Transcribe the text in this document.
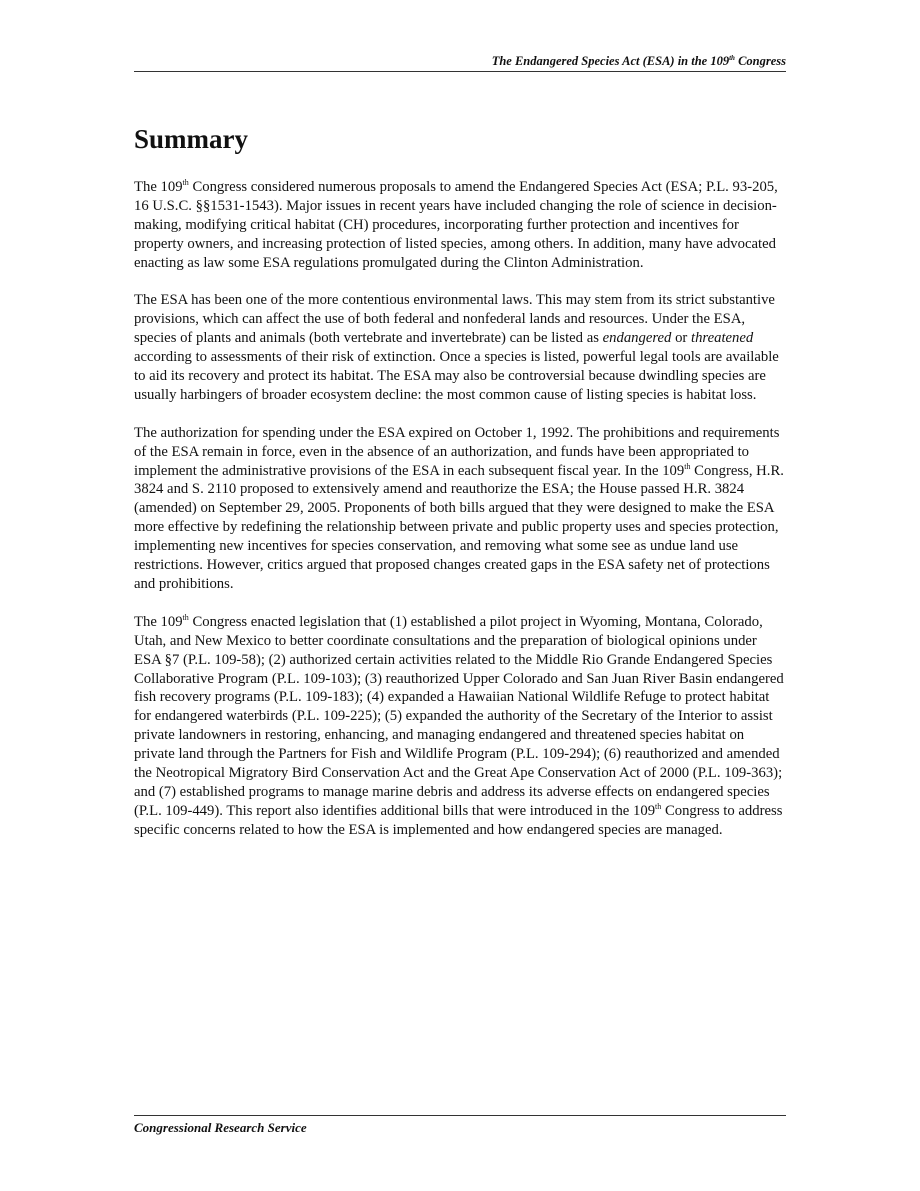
The Endangered Species Act (ESA) in the 109th Congress
Summary

The 109th Congress considered numerous proposals to amend the Endangered Species Act (ESA; P.L. 93-205, 16 U.S.C. §§1531-1543). Major issues in recent years have included changing the role of science in decision-making, modifying critical habitat (CH) procedures, incorporating further protection and incentives for property owners, and increasing protection of listed species, among others. In addition, many have advocated enacting as law some ESA regulations promulgated during the Clinton Administration.

The ESA has been one of the more contentious environmental laws. This may stem from its strict substantive provisions, which can affect the use of both federal and nonfederal lands and resources. Under the ESA, species of plants and animals (both vertebrate and invertebrate) can be listed as endangered or threatened according to assessments of their risk of extinction. Once a species is listed, powerful legal tools are available to aid its recovery and protect its habitat. The ESA may also be controversial because dwindling species are usually harbingers of broader ecosystem decline: the most common cause of listing species is habitat loss.

The authorization for spending under the ESA expired on October 1, 1992. The prohibitions and requirements of the ESA remain in force, even in the absence of an authorization, and funds have been appropriated to implement the administrative provisions of the ESA in each subsequent fiscal year. In the 109th Congress, H.R. 3824 and S. 2110 proposed to extensively amend and reauthorize the ESA; the House passed H.R. 3824 (amended) on September 29, 2005. Proponents of both bills argued that they were designed to make the ESA more effective by redefining the relationship between private and public property uses and species protection, implementing new incentives for species conservation, and removing what some see as undue land use restrictions. However, critics argued that proposed changes created gaps in the ESA safety net of protections and prohibitions.

The 109th Congress enacted legislation that (1) established a pilot project in Wyoming, Montana, Colorado, Utah, and New Mexico to better coordinate consultations and the preparation of biological opinions under ESA §7 (P.L. 109-58); (2) authorized certain activities related to the Middle Rio Grande Endangered Species Collaborative Program (P.L. 109-103); (3) reauthorized Upper Colorado and San Juan River Basin endangered fish recovery programs (P.L. 109-183); (4) expanded a Hawaiian National Wildlife Refuge to protect habitat for endangered waterbirds (P.L. 109-225); (5) expanded the authority of the Secretary of the Interior to assist private landowners in restoring, enhancing, and managing endangered and threatened species habitat on private land through the Partners for Fish and Wildlife Program (P.L. 109-294); (6) reauthorized and amended the Neotropical Migratory Bird Conservation Act and the Great Ape Conservation Act of 2000 (P.L. 109-363); and (7) established programs to manage marine debris and address its adverse effects on endangered species (P.L. 109-449). This report also identifies additional bills that were introduced in the 109th Congress to address specific concerns related to how the ESA is implemented and how endangered species are managed.

Congressional Research Service
